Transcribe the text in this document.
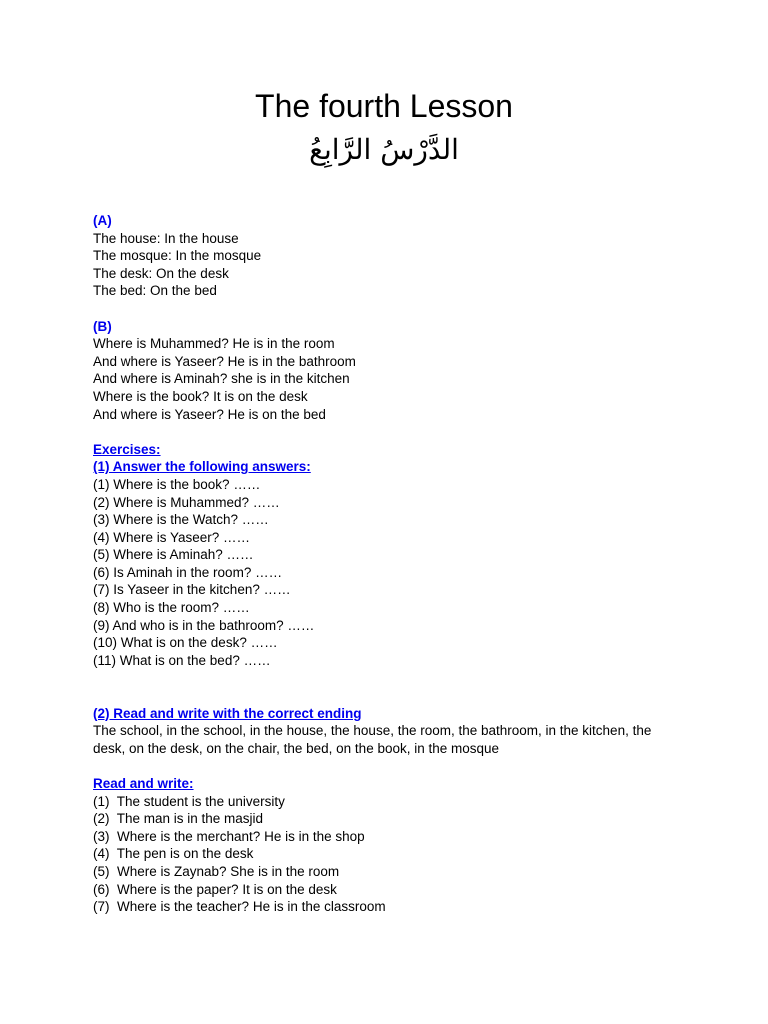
The fourth Lesson
الدَّرْسُ الرَّابِعُ
(A)
The house: In the house
The mosque: In the mosque
The desk: On the desk
The bed: On the bed
(B)
Where is Muhammed? He is in the room
And where is Yaseer? He is in the bathroom
And where is Aminah? she is in the kitchen
Where is the book? It is on the desk
And where is Yaseer? He is on the bed
Exercises:
(1) Answer the following answers:
(1) Where is the book? ……
(2) Where is Muhammed? ……
(3) Where is the Watch? ……
(4) Where is Yaseer? ……
(5) Where is Aminah? ……
(6) Is Aminah in the room? ……
(7) Is Yaseer in the kitchen? ……
(8) Who is the room? ……
(9) And who is in the bathroom? ……
(10) What is on the desk? ……
(11) What is on the bed? ……
(2) Read and write with the correct ending
The school, in the school, in the house, the house, the room, the bathroom, in the kitchen, the desk, on the desk, on the chair, the bed, on the book, in the mosque
Read and write:
(1)  The student is the university
(2)  The man is in the masjid
(3)  Where is the merchant? He is in the shop
(4)  The pen is on the desk
(5)  Where is Zaynab? She is in the room
(6)  Where is the paper? It is on the desk
(7)  Where is the teacher? He is in the classroom
